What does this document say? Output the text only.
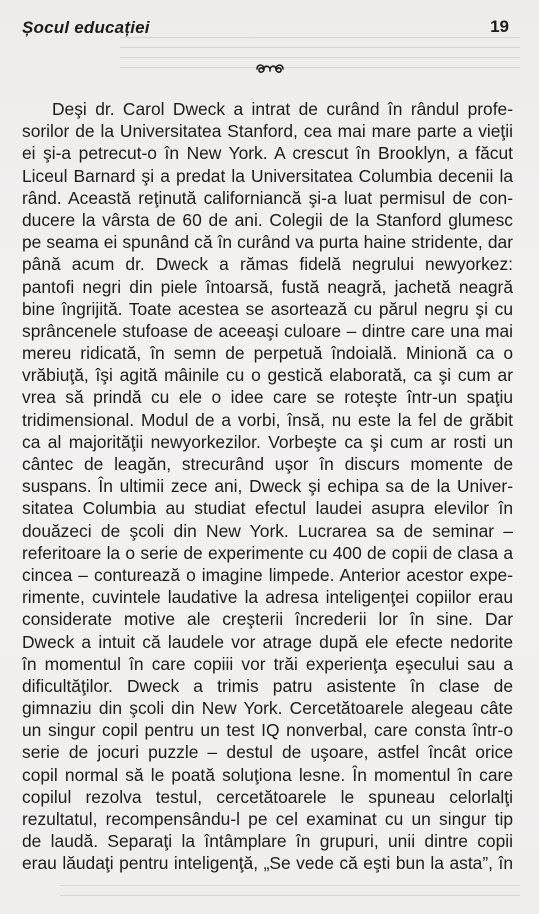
Șocul educației	19
Deşi dr. Carol Dweck a intrat de curând în rândul profe-
sorilor de la Universitatea Stanford, cea mai mare parte a vieţii
ei şi-a petrecut-o în New York. A crescut în Brooklyn, a făcut
Liceul Barnard şi a predat la Universitatea Columbia decenii la
rând. Această reţinută californiancă şi-a luat permisul de con-
ducere la vârsta de 60 de ani. Colegii de la Stanford glumesc
pe seama ei spunând că în curând va purta haine stridente, dar
până acum dr. Dweck a rămas fidelă negrului newyorkez:
pantofi negri din piele întoarsă, fustă neagră, jachetă neagră
bine îngrijită. Toate acestea se asortează cu părul negru şi cu
sprâncenele stufoase de aceeaşi culoare – dintre care una mai
mereu ridicată, în semn de perpetuă îndoială. Minionă ca o
vrăbiuţă, îşi agită mâinile cu o gestică elaborată, ca şi cum ar
vrea să prindă cu ele o idee care se roteşte într-un spaţiu
tridimensional. Modul de a vorbi, însă, nu este la fel de grăbit
ca al majorităţii newyorkezilor. Vorbeşte ca şi cum ar rosti un
cântec de leagăn, strecurând uşor în discurs momente de
suspans. În ultimii zece ani, Dweck şi echipa sa de la Univer-
sitatea Columbia au studiat efectul laudei asupra elevilor în
douăzeci de şcoli din New York. Lucrarea sa de seminar –
referitoare la o serie de experimente cu 400 de copii de clasa a
cincea – conturează o imagine limpede. Anterior acestor expe-
rimente, cuvintele laudative la adresa inteligenţei copiilor erau
considerate motive ale creşterii încrederii lor în sine. Dar
Dweck a intuit că laudele vor atrage după ele efecte nedorite
în momentul în care copiii vor trăi experienţa eşecului sau a
dificultăţilor. Dweck a trimis patru asistente în clase de
gimnaziu din şcoli din New York. Cercetătoarele alegeau câte
un singur copil pentru un test IQ nonverbal, care consta într-o
serie de jocuri puzzle – destul de uşoare, astfel încât orice
copil normal să le poată soluţiona lesne. În momentul în care
copilul rezolva testul, cercetătoarele le spuneau celorlalţi
rezultatul, recompensându-l pe cel examinat cu un singur tip
de laudă. Separaţi la întâmplare în grupuri, unii dintre copii
erau lăudaţi pentru inteligenţă, „Se vede că eşti bun la asta”, în
